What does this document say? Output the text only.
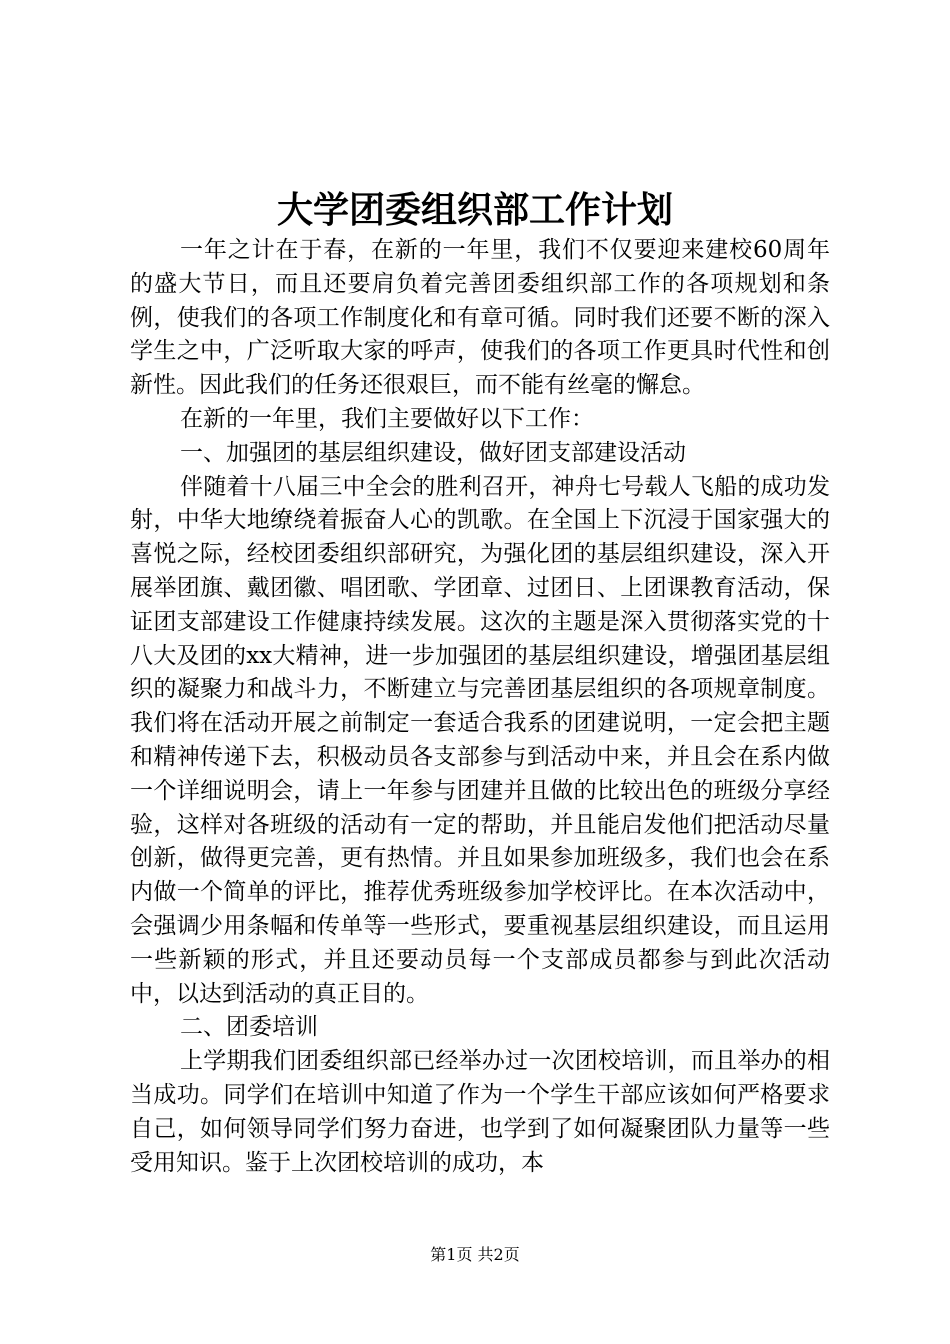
大学团委组织部工作计划

一年之计在于春，在新的一年里，我们不仅要迎来建校60周年的盛大节日，而且还要肩负着完善团委组织部工作的各项规划和条例，使我们的各项工作制度化和有章可循。同时我们还要不断的深入学生之中，广泛听取大家的呼声，使我们的各项工作更具时代性和创新性。因此我们的任务还很艰巨，而不能有丝毫的懈怠。

在新的一年里，我们主要做好以下工作：

一、加强团的基层组织建设，做好团支部建设活动

伴随着十八届三中全会的胜利召开，神舟七号载人飞船的成功发射，中华大地缭绕着振奋人心的凯歌。在全国上下沉浸于国家强大的喜悦之际，经校团委组织部研究，为强化团的基层组织建设，深入开展举团旗、戴团徽、唱团歌、学团章、过团日、上团课教育活动，保证团支部建设工作健康持续发展。这次的主题是深入贯彻落实党的十八大及团的xx大精神，进一步加强团的基层组织建设，增强团基层组织的凝聚力和战斗力，不断建立与完善团基层组织的各项规章制度。我们将在活动开展之前制定一套适合我系的团建说明，一定会把主题和精神传递下去，积极动员各支部参与到活动中来，并且会在系内做一个详细说明会，请上一年参与团建并且做的比较出色的班级分享经验，这样对各班级的活动有一定的帮助，并且能启发他们把活动尽量创新，做得更完善，更有热情。并且如果参加班级多，我们也会在系内做一个简单的评比，推荐优秀班级参加学校评比。在本次活动中，会强调少用条幅和传单等一些形式，要重视基层组织建设，而且运用一些新颖的形式，并且还要动员每一个支部成员都参与到此次活动中，以达到活动的真正目的。

二、团委培训

上学期我们团委组织部已经举办过一次团校培训，而且举办的相当成功。同学们在培训中知道了作为一个学生干部应该如何严格要求自己，如何领导同学们努力奋进，也学到了如何凝聚团队力量等一些受用知识。鉴于上次团校培训的成功，本

第1页 共2页
